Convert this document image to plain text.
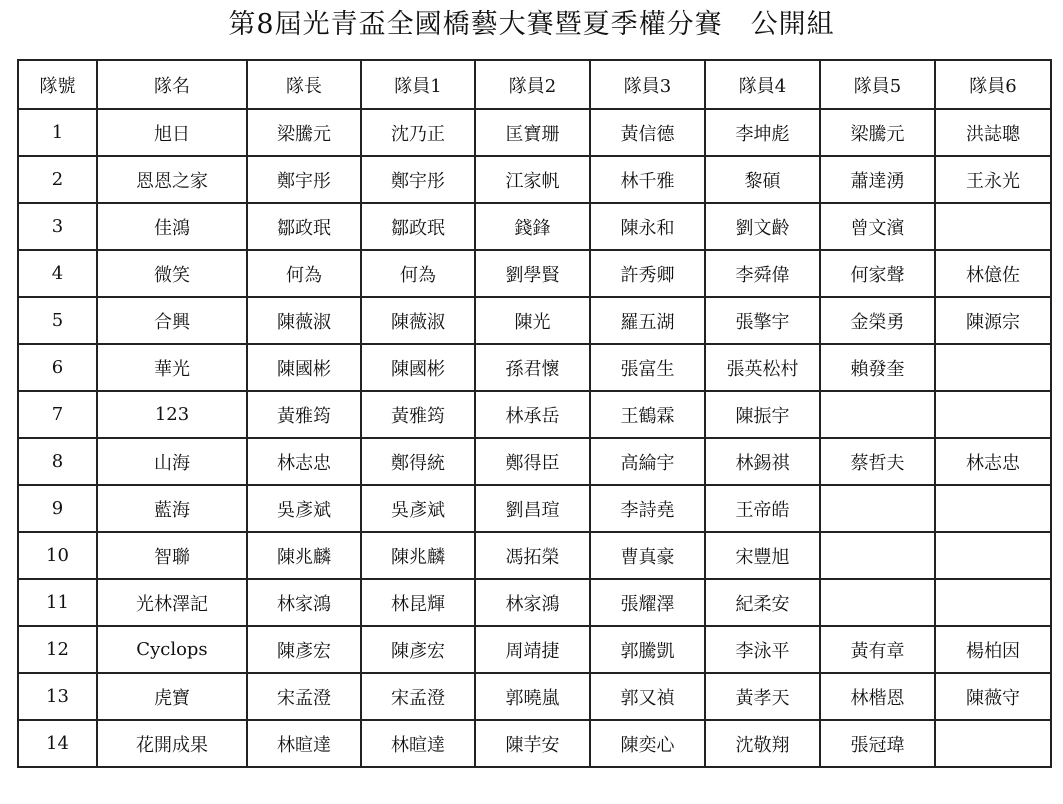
第8屆光青盃全國橋藝大賽暨夏季權分賽　公開組
隊號	隊名	隊長	隊員1	隊員2	隊員3	隊員4	隊員5	隊員6
1	旭日	梁騰元	沈乃正	匡寶珊	黃信德	李坤彪	梁騰元	洪誌聰
2	恩恩之家	鄭宇彤	鄭宇彤	江家帆	林千雅	黎碩	蕭達湧	王永光
3	佳鴻	鄒政珉	鄒政珉	錢鋒	陳永和	劉文齡	曾文濱	
4	微笑	何為	何為	劉學賢	許秀卿	李舜偉	何家聲	林億佐
5	合興	陳薇淑	陳薇淑	陳光	羅五湖	張擎宇	金榮勇	陳源宗
6	華光	陳國彬	陳國彬	孫君懷	張富生	張英松村	賴發奎	
7	123	黃雅筠	黃雅筠	林承岳	王鶴霖	陳振宇		
8	山海	林志忠	鄭得統	鄭得臣	高綸宇	林錫祺	蔡哲夫	林志忠
9	藍海	吳彥斌	吳彥斌	劉昌瑄	李詩堯	王帝皓		
10	智聯	陳兆麟	陳兆麟	馮拓榮	曹真豪	宋豐旭		
11	光林澤記	林家鴻	林昆輝	林家鴻	張耀澤	紀柔安		
12	Cyclops	陳彥宏	陳彥宏	周靖捷	郭騰凱	李泳平	黃有章	楊柏因
13	虎寶	宋孟澄	宋孟澄	郭曉嵐	郭又禎	黃孝天	林楷恩	陳薇守
14	花開成果	林暄達	林暄達	陳芋安	陳奕心	沈敬翔	張冠瑋	
